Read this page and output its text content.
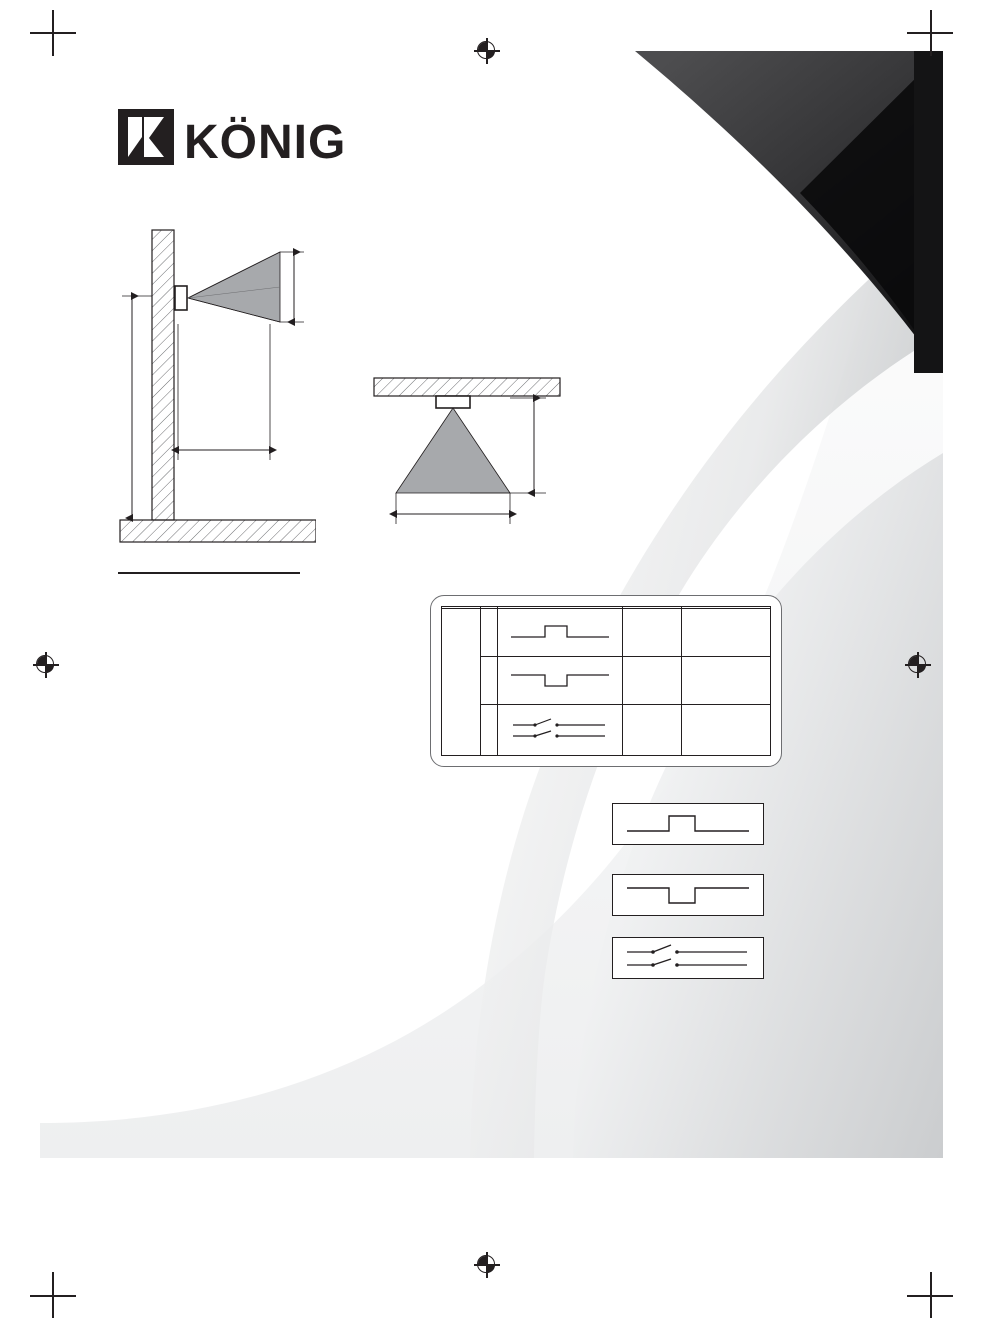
KÖNIG
